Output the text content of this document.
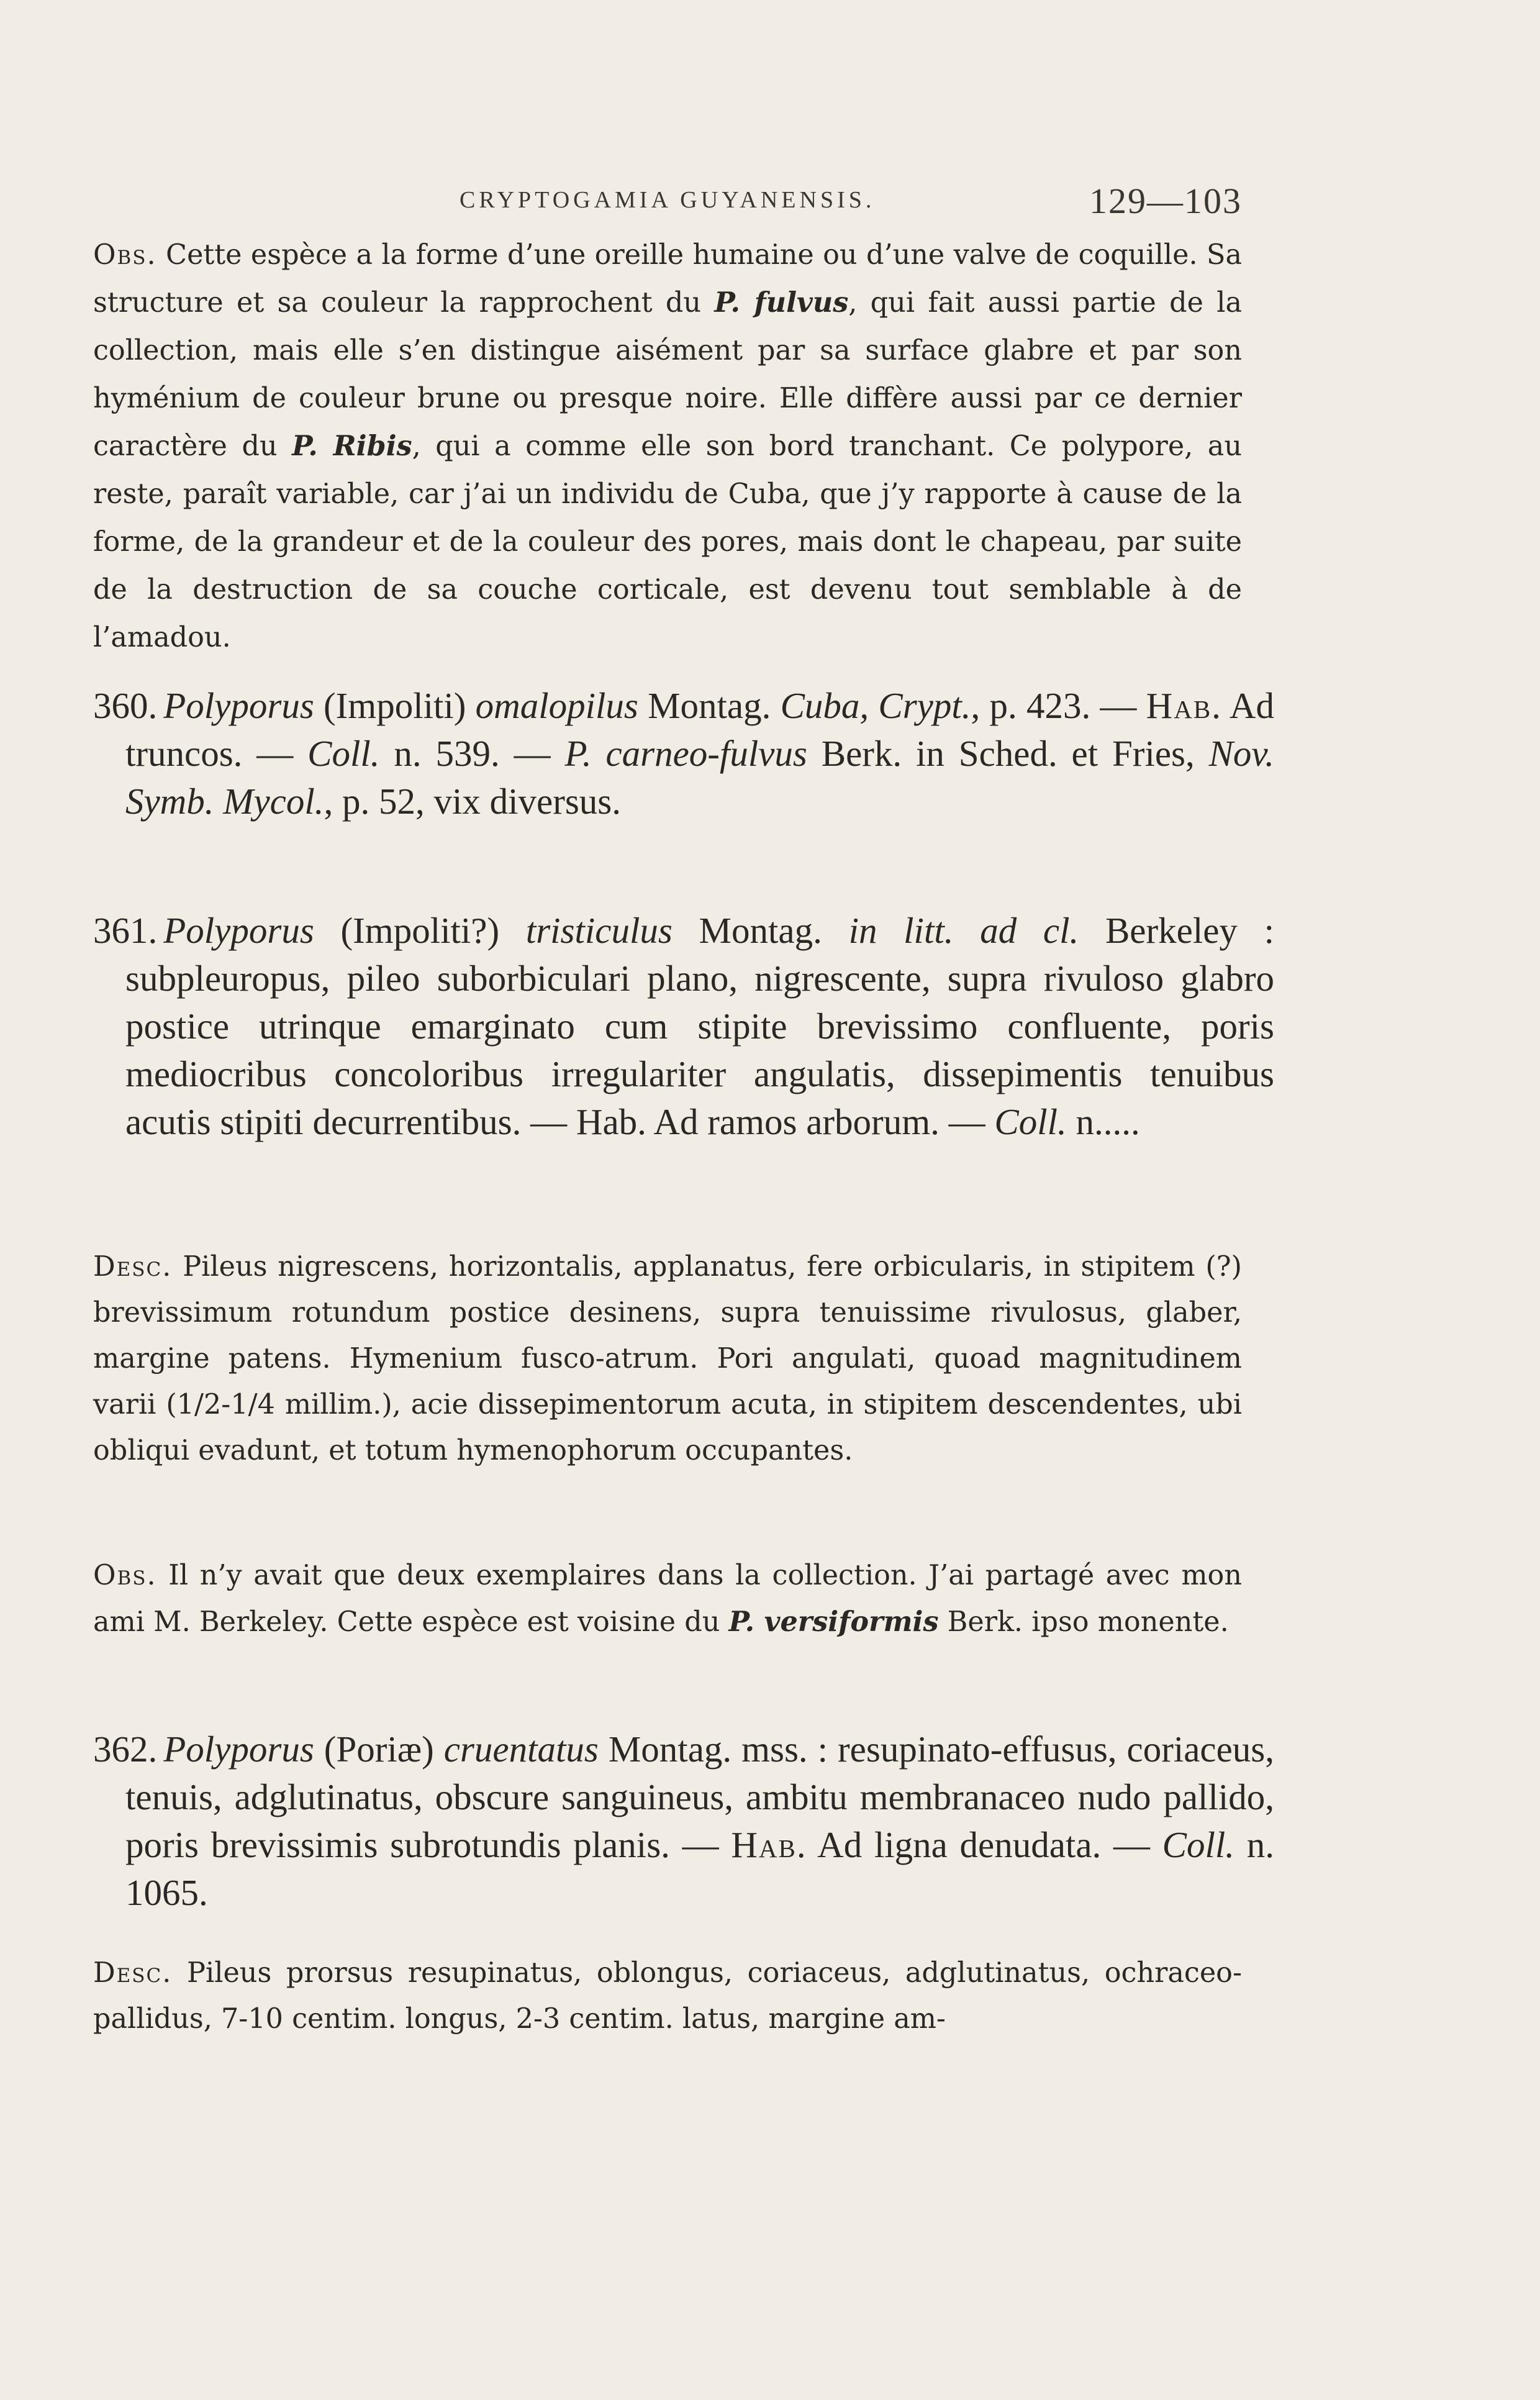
CRYPTOGAMIA GUYANENSIS.	129—103

Obs. Cette espèce a la forme d’une oreille humaine ou d’une valve de coquille. Sa structure et sa couleur la rapprochent du P. fulvus, qui fait aussi partie de la collection, mais elle s’en distingue aisément par sa surface glabre et par son hyménium de couleur brune ou presque noire. Elle diffère aussi par ce dernier caractère du P. Ribis, qui a comme elle son bord tranchant. Ce polypore, au reste, paraît variable, car j’ai un individu de Cuba, que j’y rapporte à cause de la forme, de la grandeur et de la couleur des pores, mais dont le chapeau, par suite de la destruction de sa couche corticale, est devenu tout semblable à de l’amadou.

360. Polyporus (Impoliti) omalopilus Montag. Cuba, Crypt., p. 423. — Hab. Ad truncos. — Coll. n. 539. — P. carneo-fulvus Berk. in Sched. et Fries, Nov. Symb. Mycol., p. 52, vix diversus.

361. Polyporus (Impoliti?) tristiculus Montag. in litt. ad cl. Berkeley : subpleuropus, pileo suborbiculari plano, nigrescente, supra rivuloso glabro postice utrinque emarginato cum stipite brevissimo confluente, poris mediocribus concoloribus irregulariter angulatis, dissepimentis tenuibus acutis stipiti decurrentibus. — Hab. Ad ramos arborum. — Coll. n.....

Desc. Pileus nigrescens, horizontalis, applanatus, fere orbicularis, in stipitem (?) brevissimum rotundum postice desinens, supra tenuissime rivulosus, glaber, margine patens. Hymenium fusco-atrum. Pori angulati, quoad magnitudinem varii (1/2-1/4 millim.), acie dissepimentorum acuta, in stipitem descendentes, ubi obliqui evadunt, et totum hymenophorum occupantes.

Obs. Il n’y avait que deux exemplaires dans la collection. J’ai partagé avec mon ami M. Berkeley. Cette espèce est voisine du P. versiformis Berk. ipso monente.

362. Polyporus (Poriæ) cruentatus Montag. mss. : resupinato-effusus, coriaceus, tenuis, adglutinatus, obscure sanguineus, ambitu membranaceo nudo pallido, poris brevissimis subrotundis planis. — Hab. Ad ligna denudata. — Coll. n. 1065.

Desc. Pileus prorsus resupinatus, oblongus, coriaceus, adglutinatus, ochraceo-pallidus, 7-10 centim. longus, 2-3 centim. latus, margine am-
